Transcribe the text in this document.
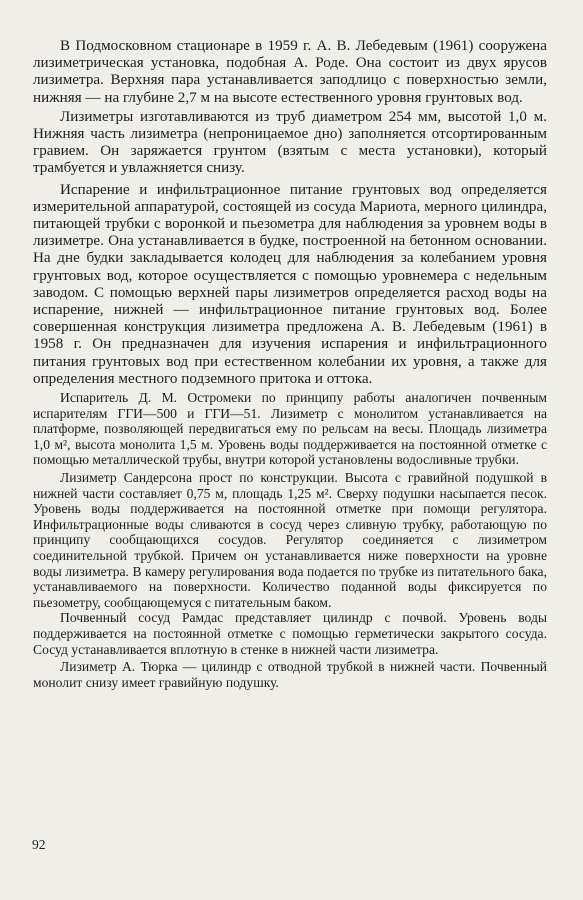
В Подмосковном стационаре в 1959 г. А. В. Лебедевым (1961) сооружена лизиметрическая установка, подобная А. Роде. Она состоит из двух ярусов лизиметра. Верхняя пара устанавливается заподлицо с поверхностью земли, нижняя — на глубине 2,7 м на высоте естественного уровня грунтовых вод.

Лизиметры изготавливаются из труб диаметром 254 мм, высотой 1,0 м. Нижняя часть лизиметра (непроницаемое дно) заполняется отсортированным гравием. Он заряжается грунтом (взятым с места установки), который трамбуется и увлажняется снизу.

Испарение и инфильтрационное питание грунтовых вод определяется измерительной аппаратурой, состоящей из сосуда Мариота, мерного цилиндра, питающей трубки с воронкой и пьезометра для наблюдения за уровнем воды в лизиметре. Она устанавливается в будке, построенной на бетонном основании. На дне будки закладывается колодец для наблюдения за колебанием уровня грунтовых вод, которое осуществляется с помощью уровнемера с недельным заводом. С помощью верхней пары лизиметров определяется расход воды на испарение, нижней — инфильтрационное питание грунтовых вод. Более совершенная конструкция лизиметра предложена А. В. Лебедевым (1961) в 1958 г. Он предназначен для изучения испарения и инфильтрационного питания грунтовых вод при естественном колебании их уровня, а также для определения местного подземного притока и оттока.

Испаритель Д. М. Остромеки по принципу работы аналогичен почвенным испарителям ГГИ—500 и ГГИ—51. Лизиметр с монолитом устанавливается на платформе, позволяющей передвигаться ему по рельсам на весы. Площадь лизиметра 1,0 м², высота монолита 1,5 м. Уровень воды поддерживается на постоянной отметке с помощью металлической трубы, внутри которой установлены водосливные трубки.

Лизиметр Сандерсона прост по конструкции. Высота с гравийной подушкой в нижней части составляет 0,75 м, площадь 1,25 м². Сверху подушки насыпается песок. Уровень воды поддерживается на постоянной отметке при помощи регулятора. Инфильтрационные воды сливаются в сосуд через сливную трубку, работающую по принципу сообщающихся сосудов. Регулятор соединяется с лизиметром соединительной трубкой. Причем он устанавливается ниже поверхности на уровне воды лизиметра. В камеру регулирования вода подается по трубке из питательного бака, устанавливаемого на поверхности. Количество поданной воды фиксируется по пьезометру, сообщающемуся с питательным баком.

Почвенный сосуд Рамдас представляет цилиндр с почвой. Уровень воды поддерживается на постоянной отметке с помощью герметически закрытого сосуда. Сосуд устанавливается вплотную в стенке в нижней части лизиметра.

Лизиметр А. Тюрка — цилиндр с отводной трубкой в нижней части. Почвенный монолит снизу имеет гравийную подушку.

92
